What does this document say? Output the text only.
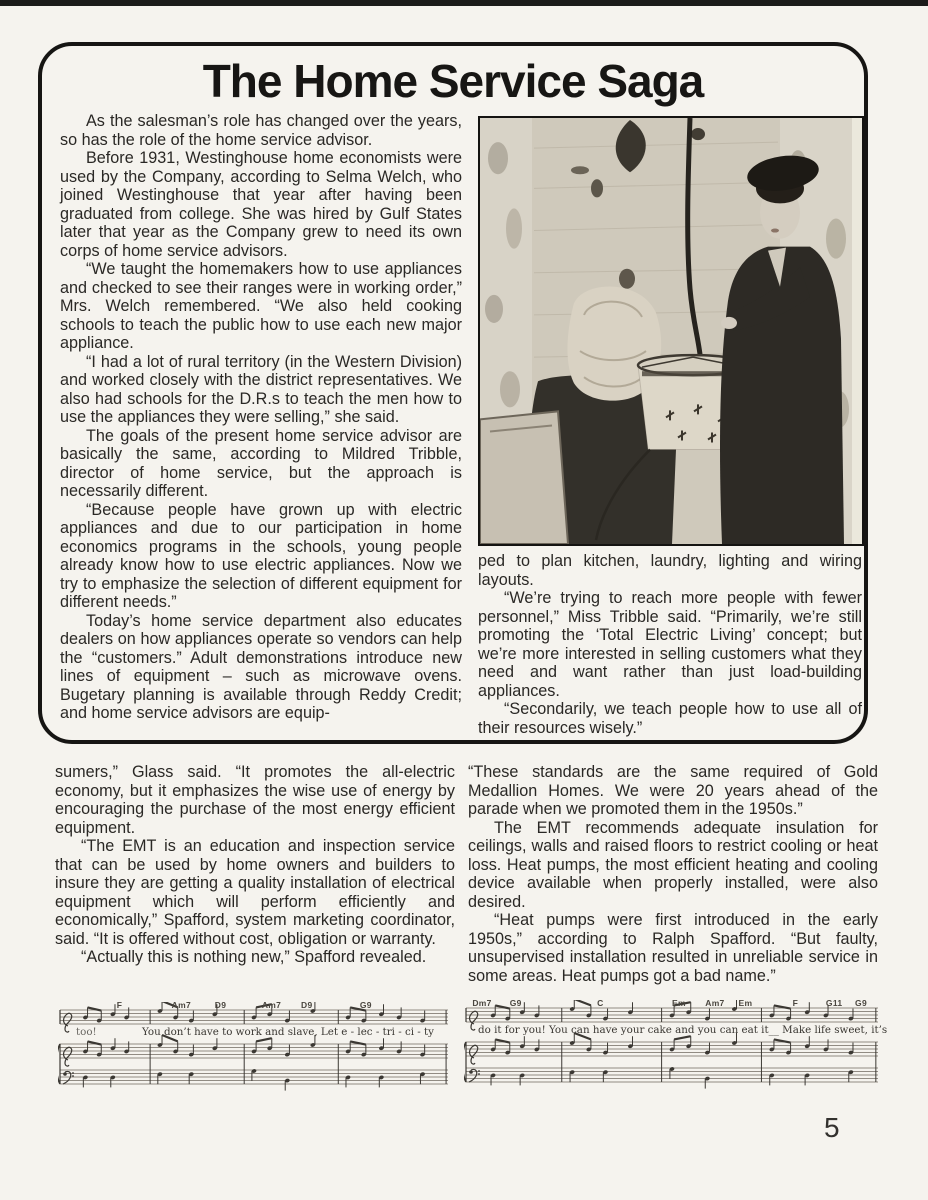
The Home Service Saga

As the salesman’s role has changed over the years, so has the role of the home service advisor.

Before 1931, Westinghouse home economists were used by the Company, according to Selma Welch, who joined Westinghouse that year after having been graduated from college. She was hired by Gulf States later that year as the Company grew to need its own corps of home service advisors.

“We taught the homemakers how to use appliances and checked to see their ranges were in working order,” Mrs. Welch remembered. “We also held cooking schools to teach the public how to use each new major appliance.

“I had a lot of rural territory (in the Western Division) and worked closely with the district representatives. We also had schools for the D.R.s to teach the men how to use the appliances they were selling,” she said.

The goals of the present home service advisor are basically the same, according to Mildred Tribble, director of home service, but the approach is necessarily different.

“Because people have grown up with electric appliances and due to our participation in home economics programs in the schools, young people already know how to use electric appliances. Now we try to emphasize the selection of different equipment for different needs.”

Today’s home service department also educates dealers on how appliances operate so vendors can help the “customers.” Adult demonstrations introduce new lines of equipment – such as microwave ovens. Bugetary planning is available through Reddy Credit; and home service advisors are equip-

ped to plan kitchen, laundry, lighting and wiring layouts.

“We’re trying to reach more people with fewer personnel,” Miss Tribble said. “Primarily, we’re still promoting the ‘Total Electric Living’ concept; but we’re more interested in selling customers what they need and want rather than just load-building appliances.

“Secondarily, we teach people how to use all of their resources wisely.”

sumers,” Glass said. “It promotes the all-electric economy, but it emphasizes the wise use of energy by encouraging the purchase of the most energy efficient equipment.

“The EMT is an education and inspection service that can be used by home owners and builders to insure they are getting a quality installation of electrical equipment which will perform efficiently and economically,” Spafford, system marketing coordinator, said. “It is offered without cost, obligation or warranty.

“Actually this is nothing new,” Spafford revealed.

“These standards are the same required of Gold Medallion Homes. We were 20 years ahead of the parade when we promoted them in the 1950s.”

The EMT recommends adequate insulation for ceilings, walls and raised floors to restrict cooling or heat loss. Heat pumps, the most efficient heating and cooling device available when properly installed, were also desired.

“Heat pumps were first introduced in the early 1950s,” according to Ralph Spafford. “But faulty, unsupervised installation resulted in unreliable service in some areas. Heat pumps got a bad name.”

F	Am7	D9	Am7 D9	G9
too!	You don’t have to work and slave, Let e - lec - tri - ci - ty
Dm7 G9	C	Em Am7 Em	F	G11 G9
do it for you! You can have your cake and you can eat it__ Make life sweet, it’s
5
